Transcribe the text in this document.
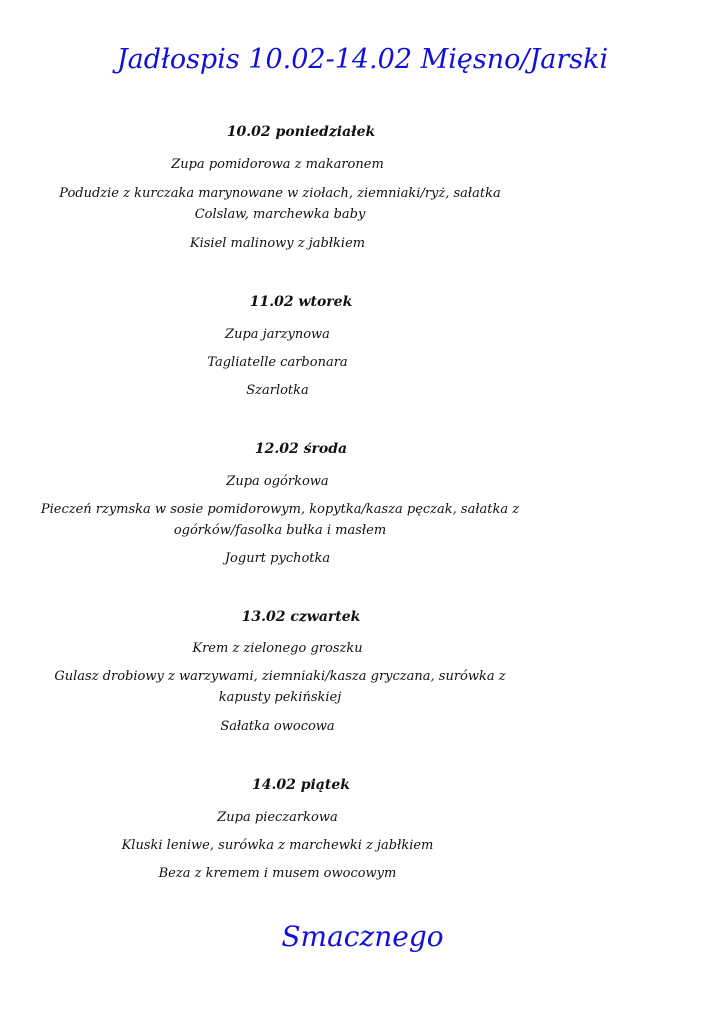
Jadłospis 10.02-14.02 Mięsno/Jarski
10.02 poniedziałek
Zupa pomidorowa z makaronem
Podudzie z kurczaka marynowane w ziołach, ziemniaki/ryż, sałatka Colslaw, marchewka baby
Kisiel malinowy z jabłkiem
11.02 wtorek
Zupa jarzynowa
Tagliatelle carbonara
Szarlotka
12.02 środa
Zupa ogórkowa
Pieczeń rzymska w sosie pomidorowym, kopytka/kasza pęczak, sałatka z ogórków/fasolka bułka i masłem
Jogurt pychotka
13.02 czwartek
Krem z zielonego groszku
Gulasz drobiowy z warzywami, ziemniaki/kasza gryczana, surówka z kapusty pekińskiej
Sałatka owocowa
14.02 piątek
Zupa pieczarkowa
Kluski leniwe, surówka z marchewki z jabłkiem
Beza z kremem i musem owocowym
Smacznego
